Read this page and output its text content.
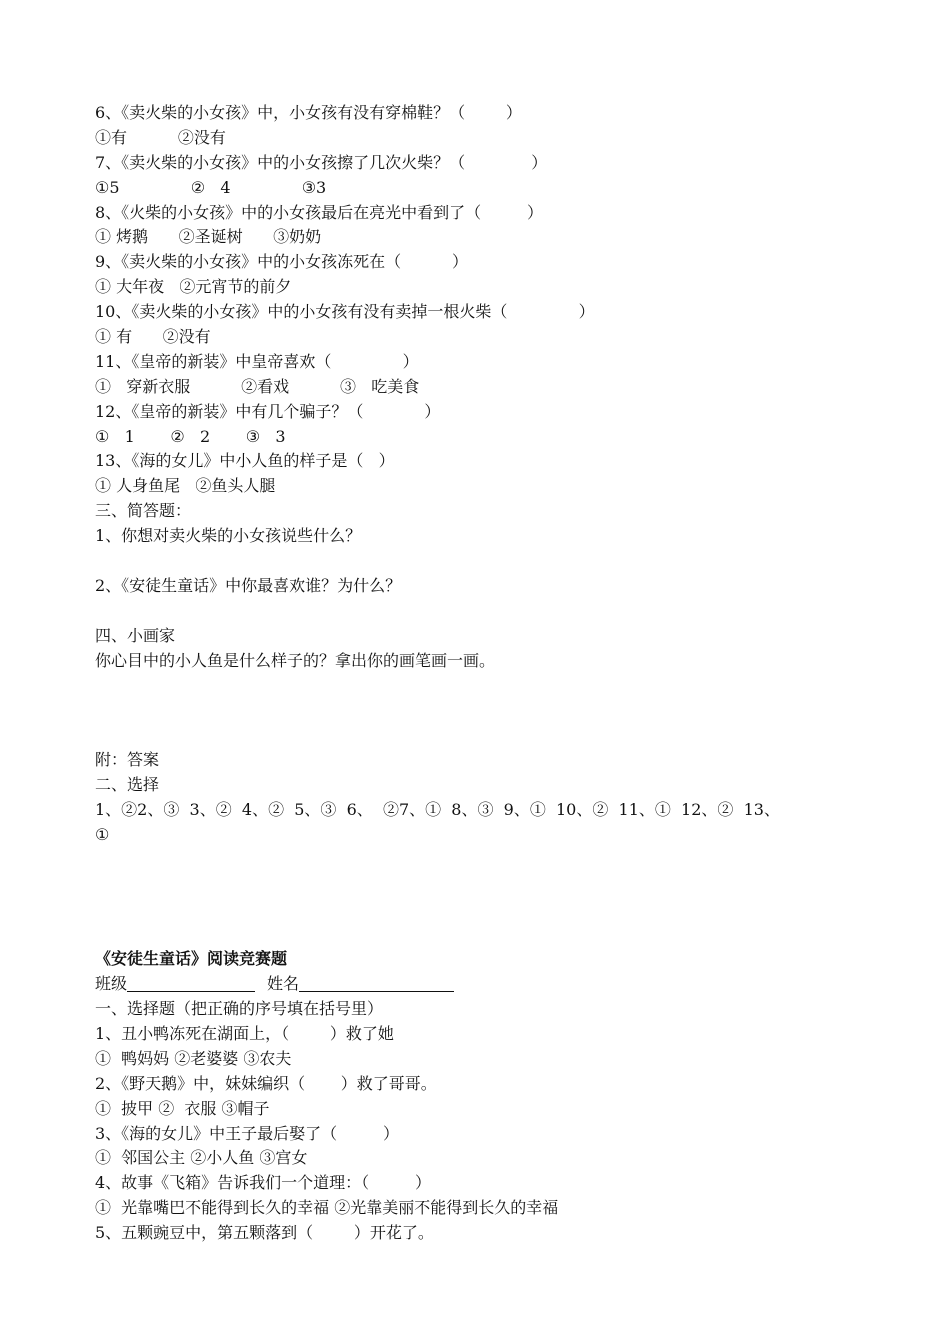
6、《卖火柴的小女孩》中，小女孩有没有穿棉鞋？（        ）
①有          ②没有
7、《卖火柴的小女孩》中的小女孩擦了几次火柴？（             ）
①5              ②   4              ③3
8、《火柴的小女孩》中的小女孩最后在亮光中看到了（         ）
① 烤鹅      ②圣诞树      ③奶奶
9、《卖火柴的小女孩》中的小女孩冻死在（          ）
① 大年夜   ②元宵节的前夕
10、《卖火柴的小女孩》中的小女孩有没有卖掉一根火柴（              ）
① 有      ②没有
11、《皇帝的新装》中皇帝喜欢（              ）
①   穿新衣服          ②看戏          ③   吃美食
12、《皇帝的新装》中有几个骗子？（            ）
①   1       ②   2       ③   3
13、《海的女儿》中小人鱼的样子是（   ）
① 人身鱼尾   ②鱼头人腿
三、简答题：
1、你想对卖火柴的小女孩说些什么？
2、《安徒生童话》中你最喜欢谁？为什么？
四、小画家
你心目中的小人鱼是什么样子的？拿出你的画笔画一画。
附：答案
二、选择
1、②2、③  3、②  4、②  5、③  6、  ②7、①  8、③  9、①  10、②  11、①  12、②  13、
①
《安徒生童话》阅读竞赛题
班级	姓名
一、选择题（把正确的序号填在括号里）
1、丑小鸭冻死在湖面上，（        ）救了她
①  鸭妈妈 ②老婆婆 ③农夫
2、《野天鹅》中，妹妹编织（       ）救了哥哥。
①  披甲 ②  衣服 ③帽子
3、《海的女儿》中王子最后娶了（         ）
①  邻国公主 ②小人鱼 ③宫女
4、故事《飞箱》告诉我们一个道理：（         ）
①  光靠嘴巴不能得到长久的幸福 ②光靠美丽不能得到长久的幸福
5、五颗豌豆中，第五颗落到（        ）开花了。
